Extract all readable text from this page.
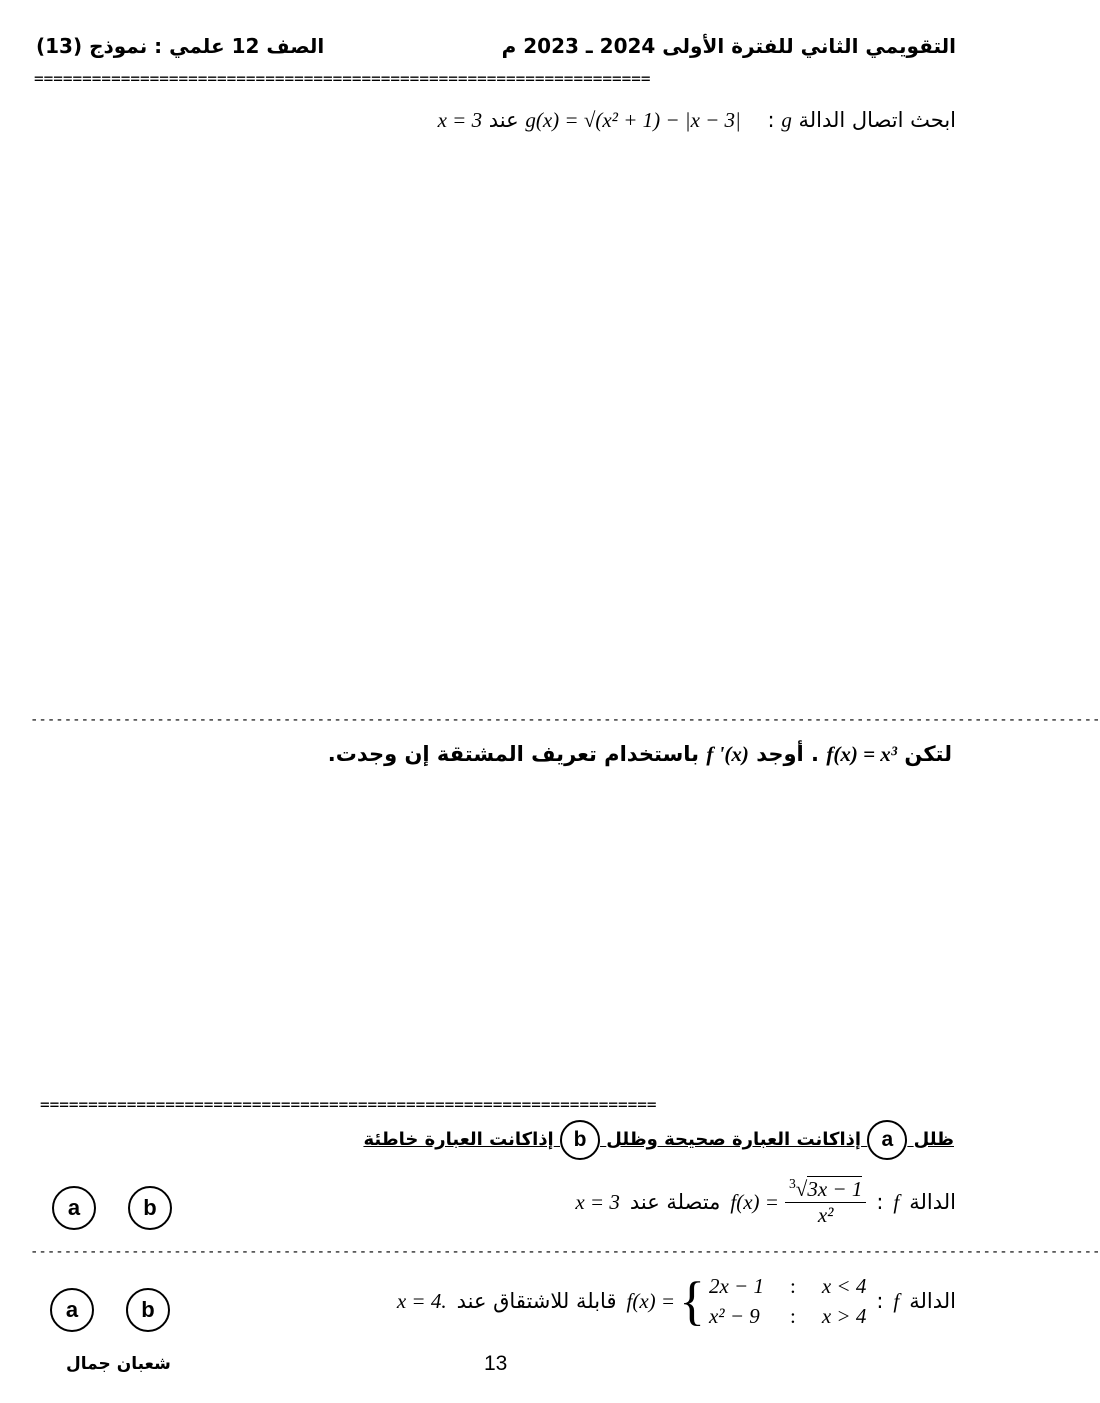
التقويمي الثاني للفترة الأولى 2024 ـ 2023 م
الصف 12 علمي : نموذج (13)
================================================================
ابحث اتصال الدالة g :    g(x) = √(x² + 1) − |x − 3| عند x = 3
-------------------------------------------------------------------------------------------------------------------------------
لتكن f(x) = x³ . أوجد f '(x) باستخدام تعريف المشتقة إن وجدت.
================================================================
ظلل a إذاكانت العبارة صحيحة وظلل b إذاكانت العبارة خاطئة
الدالة
f
:
$f(x) = \frac{^3√3x - 1}{\text{x²}}$
متصلة عند
x = 3
a	b
-------------------------------------------------------------------------------------------------------------------------------
الدالة
f
:
f(x) = { 2x − 1 : x < 4
x² − 9 : x > 4
قابلة للاشتقاق عند
x = 4.
a	b
شعبان جمال	13
